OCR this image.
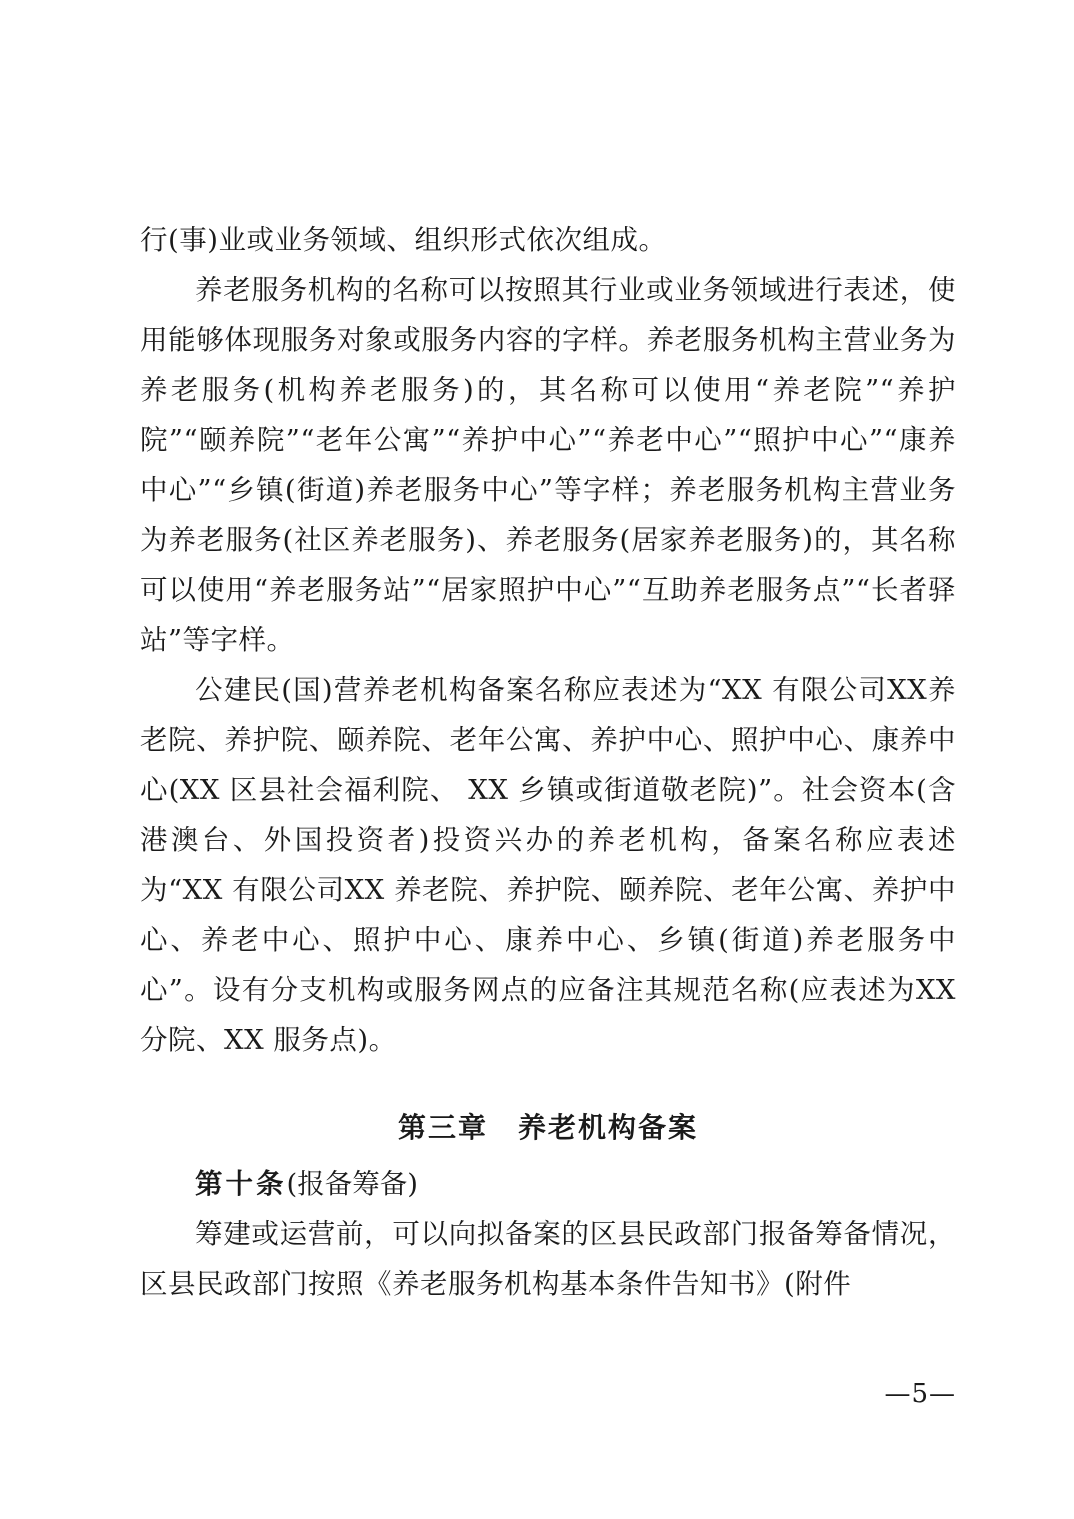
行(事)业或业务领域、组织形式依次组成。

养老服务机构的名称可以按照其行业或业务领域进行表述，使用能够体现服务对象或服务内容的字样。养老服务机构主营业务为养老服务(机构养老服务)的，其名称可以使用“养老院”“养护院”“颐养院”“老年公寓”“养护中心”“养老中心”“照护中心”“康养中心”“乡镇(街道)养老服务中心”等字样；养老服务机构主营业务为养老服务(社区养老服务)、养老服务(居家养老服务)的，其名称可以使用“养老服务站”“居家照护中心”“互助养老服务点”“长者驿站”等字样。

公建民(国)营养老机构备案名称应表述为“XX 有限公司XX养老院、养护院、颐养院、老年公寓、养护中心、照护中心、康养中心(XX 区县社会福利院、 XX 乡镇或街道敬老院)”。社会资本(含港澳台、外国投资者)投资兴办的养老机构，备案名称应表述为“XX 有限公司XX 养老院、养护院、颐养院、老年公寓、养护中心、养老中心、照护中心、康养中心、乡镇(街道)养老服务中心”。设有分支机构或服务网点的应备注其规范名称(应表述为XX 分院、XX 服务点)。

第三章　养老机构备案

第十条(报备筹备)

筹建或运营前，可以向拟备案的区县民政部门报备筹备情况，区县民政部门按照《养老服务机构基本条件告知书》(附件

—5—
